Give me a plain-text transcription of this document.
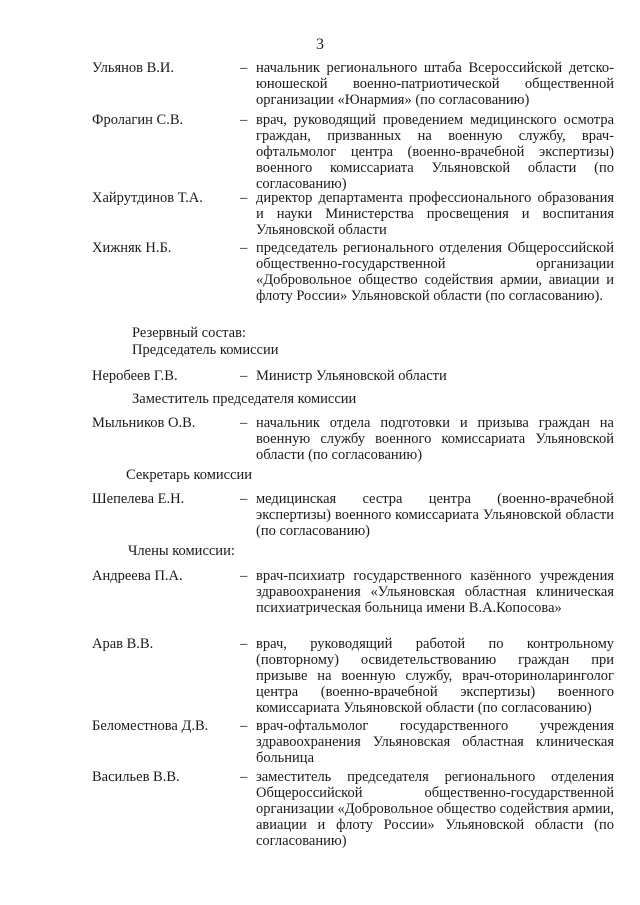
3
Ульянов В.И.	– начальник регионального штаба Всероссийской детско-юношеской военно-патриотической общественной организации «Юнармия» (по согласованию)
Фролагин С.В.	– врач, руководящий проведением медицинского осмотра граждан, призванных на военную службу, врач-офтальмолог центра (военно-врачебной экспертизы) военного комиссариата Ульяновской области (по согласованию)
Хайрутдинов Т.А.	– директор департамента профессионального образования и науки Министерства просвещения и воспитания Ульяновской области
Хижняк Н.Б.	– председатель регионального отделения Общероссийской общественно-государственной организации «Добровольное общество содействия армии, авиации и флоту России» Ульяновской области (по согласованию).
Резервный состав:
Председатель комиссии
Неробеев Г.В.	– Министр Ульяновской области
Заместитель председателя комиссии
Мыльников О.В.	– начальник отдела подготовки и призыва граждан на военную службу военного комиссариата Ульяновской области (по согласованию)
Секретарь комиссии
Шепелева Е.Н.	– медицинская сестра центра (военно-врачебной экспертизы) военного комиссариата Ульяновской области (по согласованию)
Члены комиссии:
Андреева П.А.	– врач-психиатр государственного казённого учреждения здравоохранения «Ульяновская областная клиническая психиатрическая больница имени В.А.Копосова»
Арав В.В.	– врач, руководящий работой по контрольному (повторному) освидетельствованию граждан при призыве на военную службу, врач-оториноларинголог центра (военно-врачебной экспертизы) военного комиссариата Ульяновской области (по согласованию)
Беломестнова Д.В. – врач-офтальмолог государственного учреждения здравоохранения Ульяновская областная клиническая больница
Васильев В.В.	– заместитель председателя регионального отделения Общероссийской общественно-государственной организации «Добровольное общество содействия армии, авиации и флоту России» Ульяновской области (по согласованию)
